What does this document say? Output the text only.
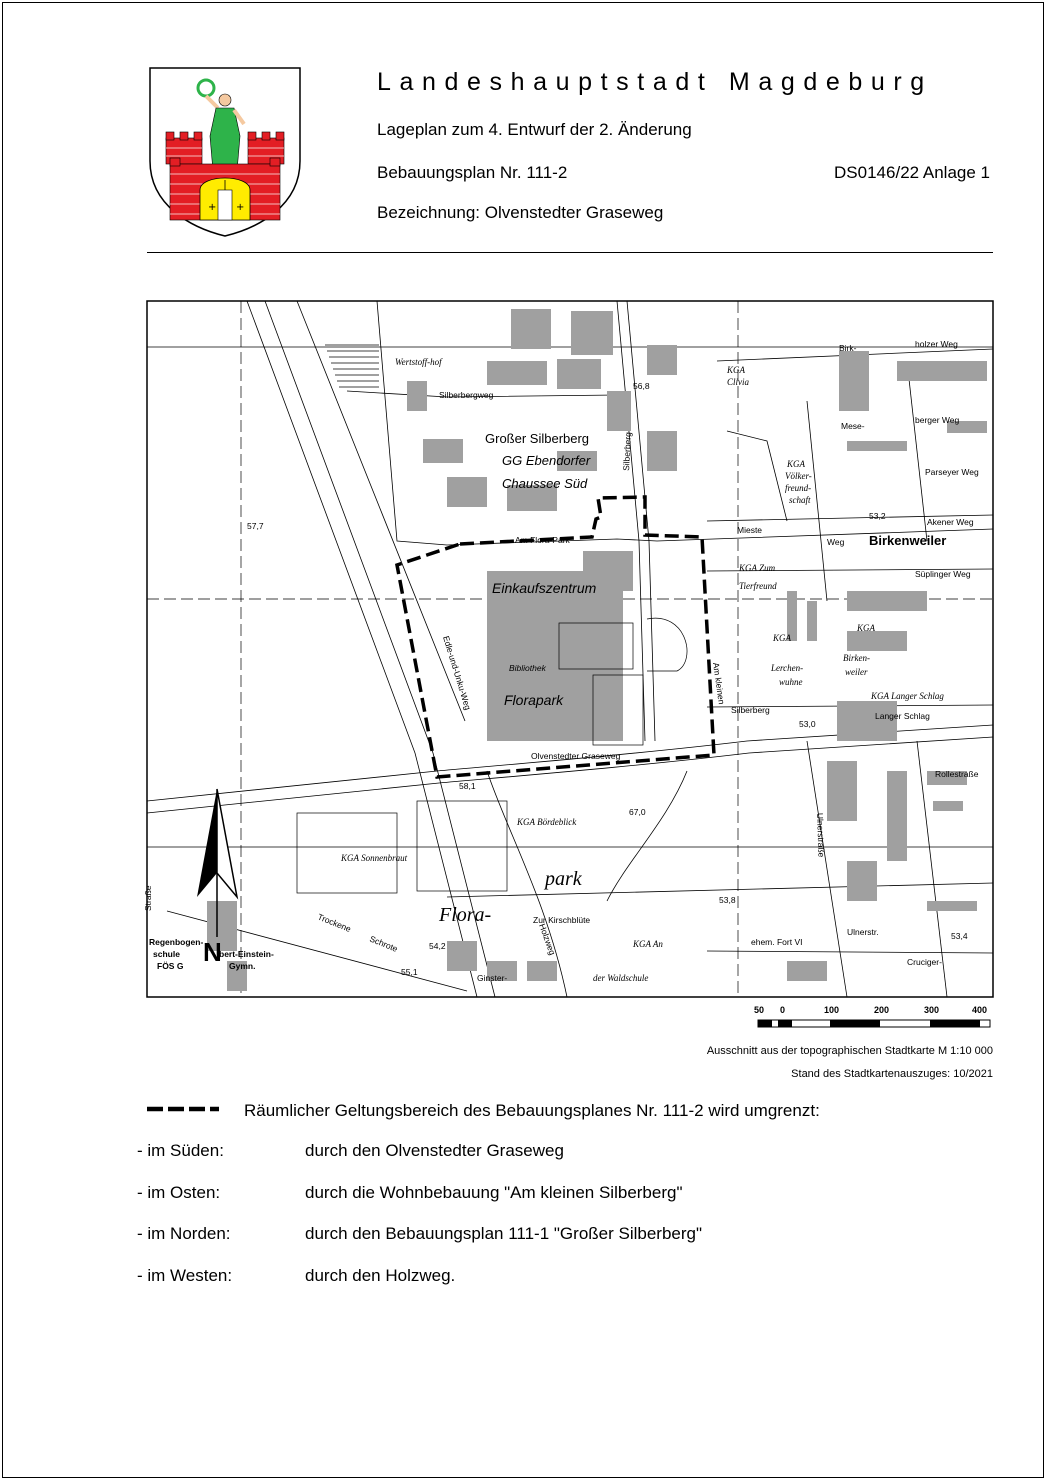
+ +
Landeshauptstadt Magdeburg
Lageplan zum 4. Entwurf der 2. Änderung
Bebauungsplan Nr. 111-2	DS0146/22 Anlage 1
Bezeichnung: Olvenstedter Graseweg
Wertstoff-hof
Silberbergweg
Großer Silberberg
GG Ebendorfer
Chaussee Süd
Einkaufszentrum
Bibliothek
Florapark
Am Flora-Park
Edle-und-Unku-Weg
Olvenstedter Graseweg
Am kleinen
Silberberg
Silberberg
KGA
Clivia
KGA
Völker-
freund-
schaft
KGA Zum
Tierfreund
KGA
Lerchen-
wuhne
KGA
Birken-
weiler
KGA Langer Schlag
Langer Schlag
Birkenweiler
Birk-	holzer Weg
Mese-
berger Weg
Parseyer Weg
Akener Weg
Mieste
Weg
Süplinger Weg
Rollestraße
Ulnerstraße
Ulnerstr.
Cruciger-
KGA Bördeblick
KGA Sonnenbraut
park
Flora-	Zur Kirschblüte
KGA An
der Waldschule
ehem. Fort VI
Trockene
Schrote	Holzweg
Ginster-
Regenbogen-
schule
FÖS G
bert-Einstein-
Gymn.
Straße
57,7
56,8
53,2
53,0
58,1
67,0
53,8
53,4
54,2
55,1
N
50 0	100	200	300	400
Ausschnitt aus der topographischen Stadtkarte M 1:10 000
Stand des Stadtkartenauszuges: 10/2021
Räumlicher Geltungsbereich des Bebauungsplanes Nr. 111-2 wird umgrenzt:
- im Süden:	durch den Olvenstedter Graseweg
- im Osten:	durch die Wohnbebauung "Am kleinen Silberberg"
- im Norden:	durch den Bebauungsplan 111-1 "Großer Silberberg"
- im Westen:	durch den Holzweg.
